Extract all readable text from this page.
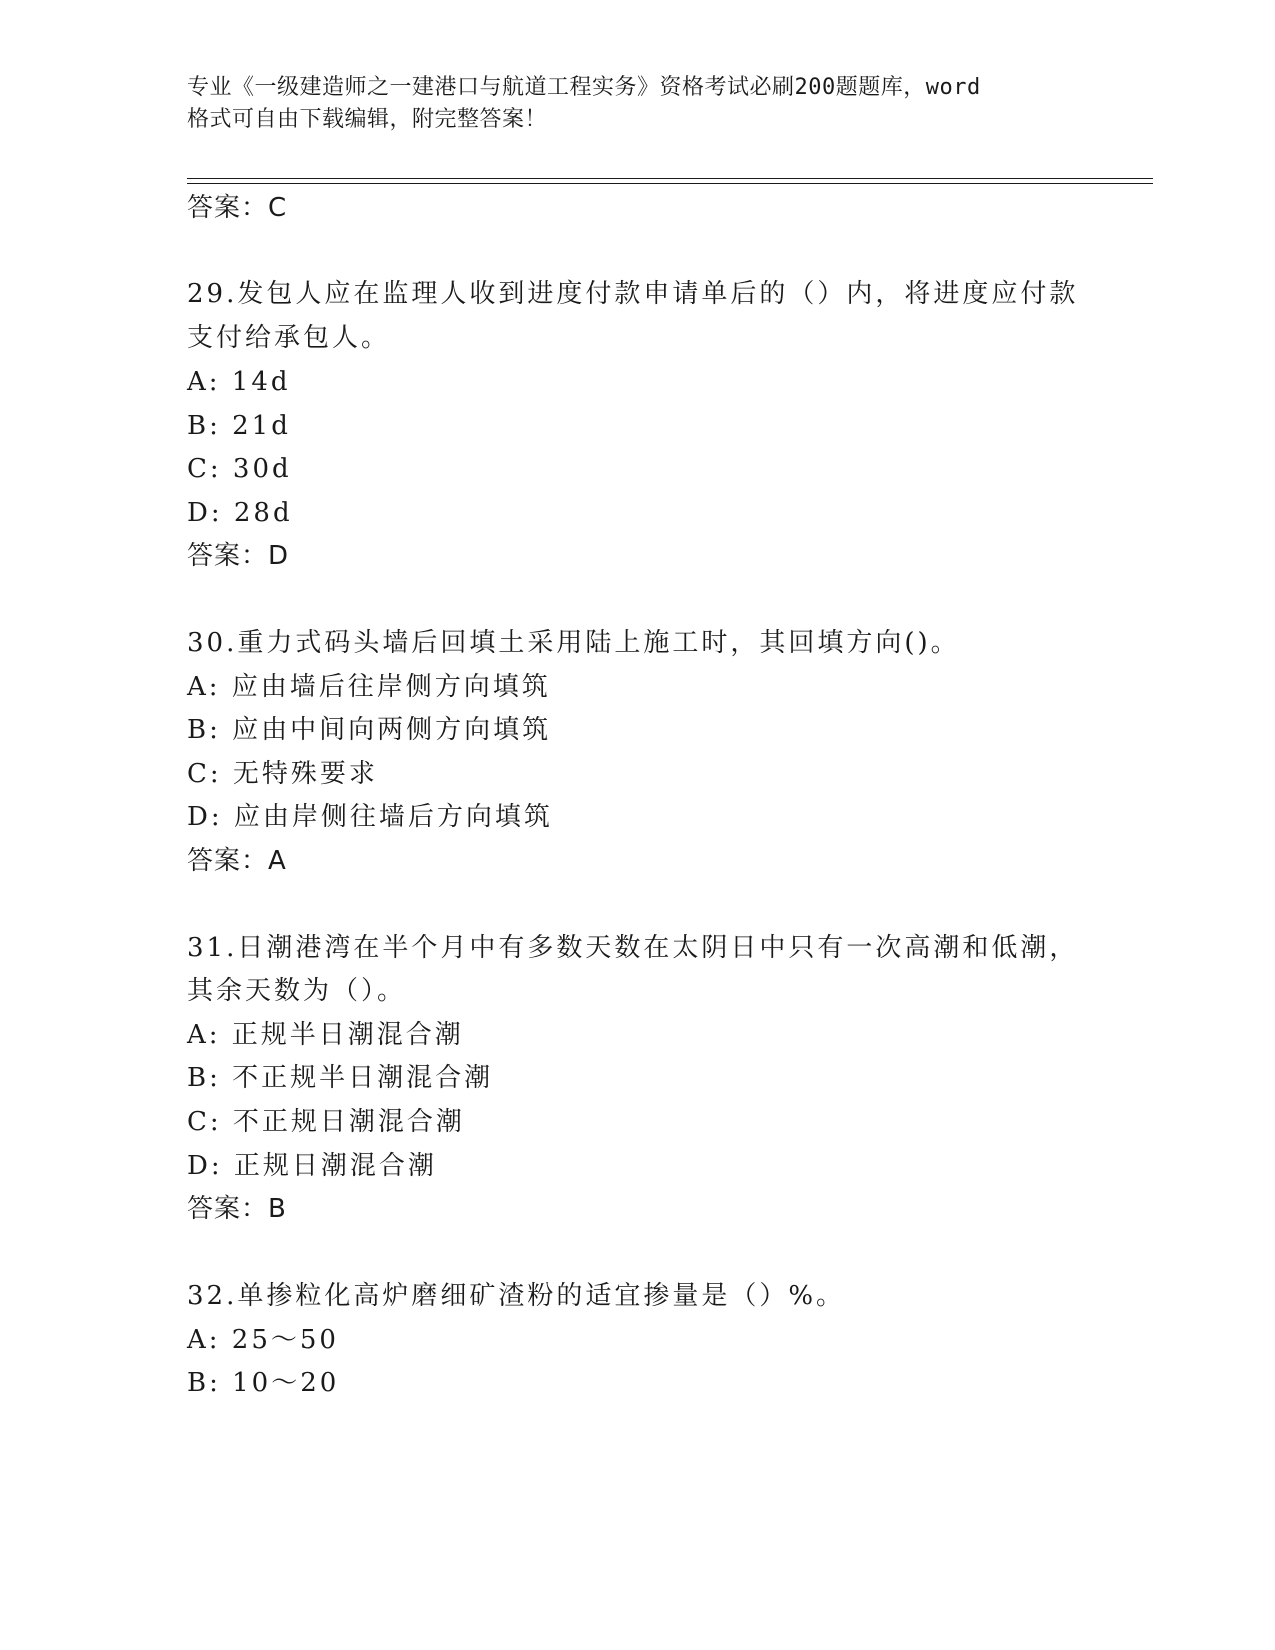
专业《一级建造师之一建港口与航道工程实务》资格考试必刷200题题库，word
格式可自由下载编辑，附完整答案！
答案：C
29.发包人应在监理人收到进度付款申请单后的（）内，将进度应付款
支付给承包人。
A: 14d
B: 21d
C: 30d
D: 28d
答案：D
30.重力式码头墙后回填土采用陆上施工时，其回填方向()。
A: 应由墙后往岸侧方向填筑
B: 应由中间向两侧方向填筑
C: 无特殊要求
D: 应由岸侧往墙后方向填筑
答案：A
31.日潮港湾在半个月中有多数天数在太阴日中只有一次高潮和低潮，
其余天数为（）。
A: 正规半日潮混合潮
B: 不正规半日潮混合潮
C: 不正规日潮混合潮
D: 正规日潮混合潮
答案：B
32.单掺粒化高炉磨细矿渣粉的适宜掺量是（）%。
A: 25～50
B: 10～20
